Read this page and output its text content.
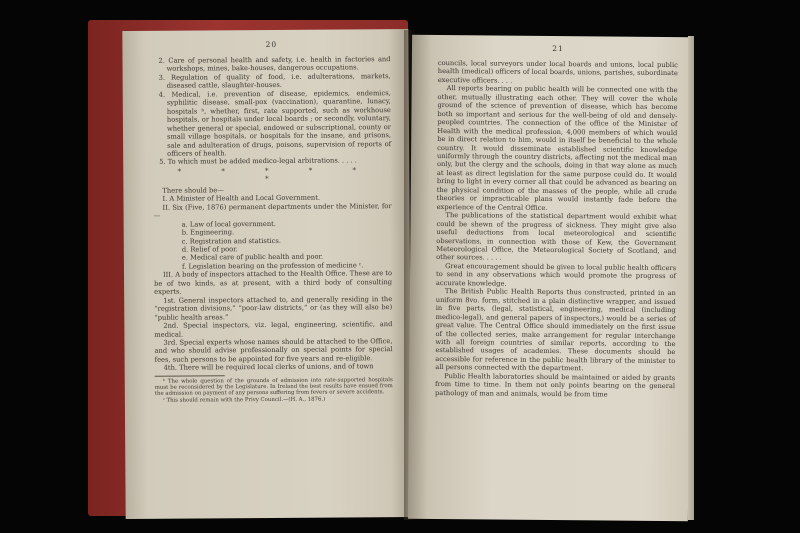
20

2. Care of personal health and safety, i.e. health in factories and workshops, mines, bake-houses, dangerous occupations.

3. Regulation of quality of food, i.e. adulterations, markets, diseased cattle, slaughter-houses.

4. Medical, i.e. prevention of disease, epidemics, endemics, syphilitic disease, small-pox (vaccination), quarantine, lunacy, hospitals ᵇ, whether, first, rate supported, such as workhouse hospitals, or hospitals under local boards ; or secondly, voluntary, whether general or special, endowed or subscriptional, county or small village hospitals, or hospitals for the insane, and prisons, sale and adulteration of drugs, poisons, supervision of reports of officers of health.

5. To which must be added medico-legal arbitrations. . . . .

* * * * * *

There should be—

I. A Minister of Health and Local Government.

II. Six (Five, 1876) permanent departments under the Minister, for—

a. Law of local government.

b. Engineering.

c. Registration and statistics.

d. Relief of poor.

e. Medical care of public health and poor.

f. Legislation bearing on the profession of medicine ᶜ.

III. A body of inspectors attached to the Health Office. These are to be of two kinds, as at present, with a third body of consulting experts.

1st. General inspectors attached to, and generally residing in the “registration divisions,” “poor-law districts,” or (as they will also be) “public health areas.”

2nd. Special inspectors, viz. legal, engineering, scientific, and medical.

3rd. Special experts whose names should be attached to the Office, and who should advise professionally on special points for special fees, such persons to be appointed for five years and re-eligible.

4th. There will be required local clerks of unions, and of town

ᵇ The whole question of the grounds of admission into rate-supported hospitals must be reconsidered by the Legislature. In Ireland the best results have ensued from the admission on payment of any persons suffering from fevers or severe accidents.

ᶜ This should remain with the Privy Council.—(H. A., 1876.)

21

councils, local surveyors under local boards and unions, local public health (medical) officers of local boards, unions, parishes, subordinate executive officers. . . .

All reports bearing on public health will be connected one with the other, mutually illustrating each other. They will cover the whole ground of the science of prevention of disease, which has become both so important and serious for the well-being of old and densely-peopled countries. The connection of the office of the Minister of Health with the medical profession, 4,000 members of which would be in direct relation to him, would in itself be beneficial to the whole country. It would disseminate established scientific knowledge uniformly through the country districts, affecting not the medical man only, but the clergy and the schools, doing in that way alone as much at least as direct legislation for the same purpose could do. It would bring to light in every corner all that could be advanced as bearing on the physical condition of the masses of the people, while all crude theories or impracticable plans would instantly fade before the experience of the Central Office.

The publications of the statistical department would exhibit what could be shewn of the progress of sickness. They might give also useful deductions from local meteorological and scientific observations, in connection with those of Kew, the Government Meteorological Office, the Meteorological Society of Scotland, and other sources. . . . .

Great encouragement should be given to local public health officers to send in any observations which would promote the progress of accurate knowledge.

The British Public Health Reports thus constructed, printed in an uniform 8vo. form, stitched in a plain distinctive wrapper, and issued in five parts, (legal, statistical, engineering, medical (including medico-legal), and general papers of inspectors,) would be a series of great value. The Central Office should immediately on the first issue of the collected series, make arrangement for regular interchange with all foreign countries of similar reports, according to the established usages of academies. These documents should be accessible for reference in the public health library of the minister to all persons connected with the department.

Public Health laboratories should be maintained or aided by grants from time to time. In them not only points bearing on the general pathology of man and animals, would be from time
